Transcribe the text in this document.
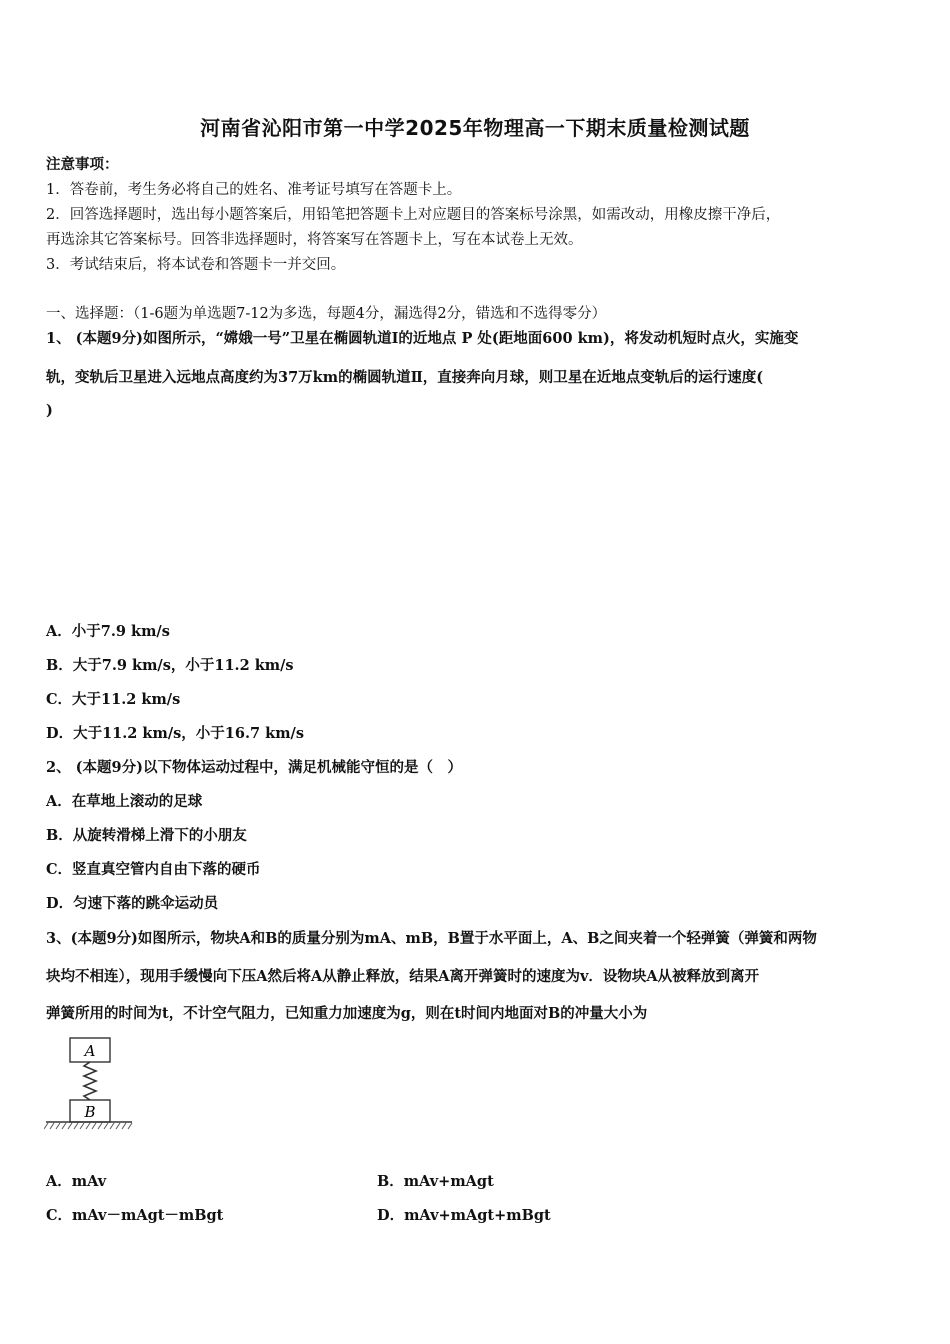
河南省沁阳市第一中学2025年物理高一下期末质量检测试题
注意事项：
1．答卷前，考生务必将自己的姓名、准考证号填写在答题卡上。
2．回答选择题时，选出每小题答案后，用铅笔把答题卡上对应题目的答案标号涂黑，如需改动，用橡皮擦干净后，
再选涂其它答案标号。回答非选择题时，将答案写在答题卡上，写在本试卷上无效。
3．考试结束后，将本试卷和答题卡一并交回。
一、选择题：（1-6题为单选题7-12为多选，每题4分，漏选得2分，错选和不选得零分）
1、 (本题9分)如图所示，“嫦娥一号”卫星在椭圆轨道Ⅰ的近地点 P 处(距地面600 km)，将发动机短时点火，实施变
轨，变轨后卫星进入远地点高度约为37万km的椭圆轨道Ⅱ，直接奔向月球，则卫星在近地点变轨后的运行速度(
)
A．小于7.9 km/s
B．大于7.9 km/s，小于11.2 km/s
C．大于11.2 km/s
D．大于11.2 km/s，小于16.7 km/s
2、 (本题9分)以下物体运动过程中，满足机械能守恒的是（　）
A．在草地上滚动的足球
B．从旋转滑梯上滑下的小朋友
C．竖直真空管内自由下落的硬币
D．匀速下落的跳伞运动员
3、(本题9分)如图所示，物块A和B的质量分别为mA、mB，B置于水平面上，A、B之间夹着一个轻弹簧（弹簧和两物
块均不相连），现用手缓慢向下压A然后将A从静止释放，结果A离开弹簧时的速度为v．设物块A从被释放到离开
弹簧所用的时间为t，不计空气阻力，已知重力加速度为g，则在t时间内地面对B的冲量大小为
A
B
A．mAv	B．mAv+mAgt
C．mAv－mAgt－mBgt	D．mAv+mAgt+mBgt
